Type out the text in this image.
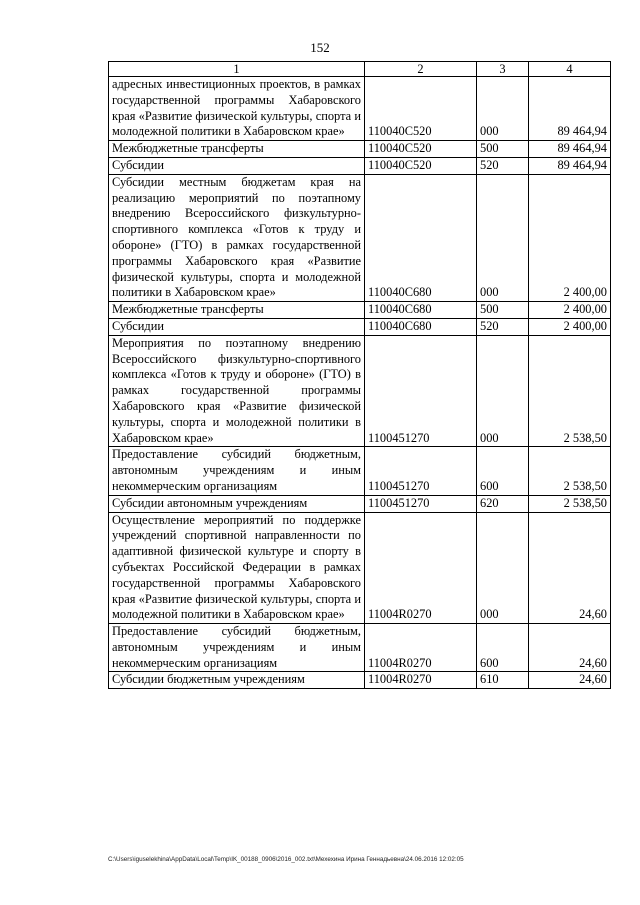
152
1	2	3	4
адресных инвестиционных проектов, в рамках государственной программы Хабаровского края «Развитие физической культуры, спорта и молодежной политики в Хабаровском крае»	110040С520	000	89 464,94
Межбюджетные трансферты	110040С520	500	89 464,94
Субсидии	110040С520	520	89 464,94
Субсидии местным бюджетам края на реализацию мероприятий по поэтапному внедрению Всероссийского физкультурно-спортивного комплекса «Готов к труду и обороне» (ГТО) в рамках государственной программы Хабаровского края «Развитие физической культуры, спорта и молодежной политики в Хабаровском крае»	110040С680	000	2 400,00
Межбюджетные трансферты	110040С680	500	2 400,00
Субсидии	110040С680	520	2 400,00
Мероприятия по поэтапному внедрению Всероссийского физкультурно-спортивного комплекса «Готов к труду и обороне» (ГТО) в рамках государственной программы Хабаровского края «Развитие физической культуры, спорта и молодежной политики в Хабаровском крае»	1100451270	000	2 538,50
Предоставление субсидий бюджетным, автономным учреждениям и иным некоммерческим организациям	1100451270	600	2 538,50
Субсидии автономным учреждениям	1100451270	620	2 538,50
Осуществление мероприятий по поддержке учреждений спортивной направленности по адаптивной физической культуре и спорту в субъектах Российской Федерации в рамках государственной программы Хабаровского края «Развитие физической культуры, спорта и молодежной политики в Хабаровском крае»	11004R0270	000	24,60
Предоставление субсидий бюджетным, автономным учреждениям и иным некоммерческим организациям	11004R0270	600	24,60
Субсидии бюджетным учреждениям	11004R0270	610	24,60
C:\Users\iguselekhina\AppData\Local\Temp\IK_00188_0906\2016_002.txt\Мехехина Ирина Геннадьевна\24.06.2016 12:02:05
